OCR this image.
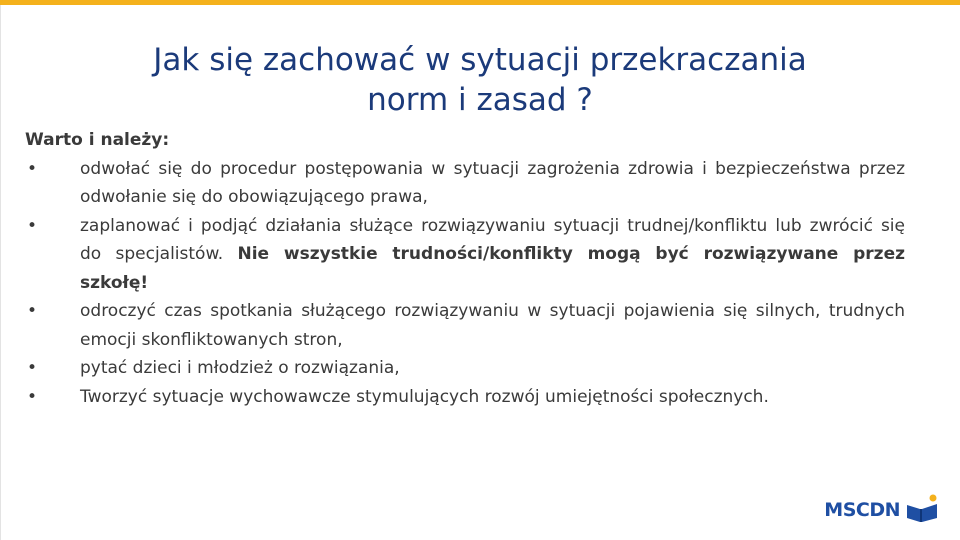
Jak się zachować w sytuacji przekraczania
norm i zasad ?
Warto i należy:
•	odwołać się do procedur postępowania w sytuacji zagrożenia zdrowia i bezpieczeństwa przez odwołanie się do obowiązującego prawa,
•	zaplanować i podjąć działania służące rozwiązywaniu sytuacji trudnej/konfliktu lub zwrócić się do specjalistów. Nie wszystkie trudności/konflikty mogą być rozwiązywane przez szkołę!
•	odroczyć czas spotkania służącego rozwiązywaniu w sytuacji pojawienia się silnych, trudnych emocji skonfliktowanych stron,
•	pytać dzieci i młodzież o rozwiązania,
•	Tworzyć sytuacje wychowawcze stymulujących rozwój umiejętności społecznych.
MSCDN
